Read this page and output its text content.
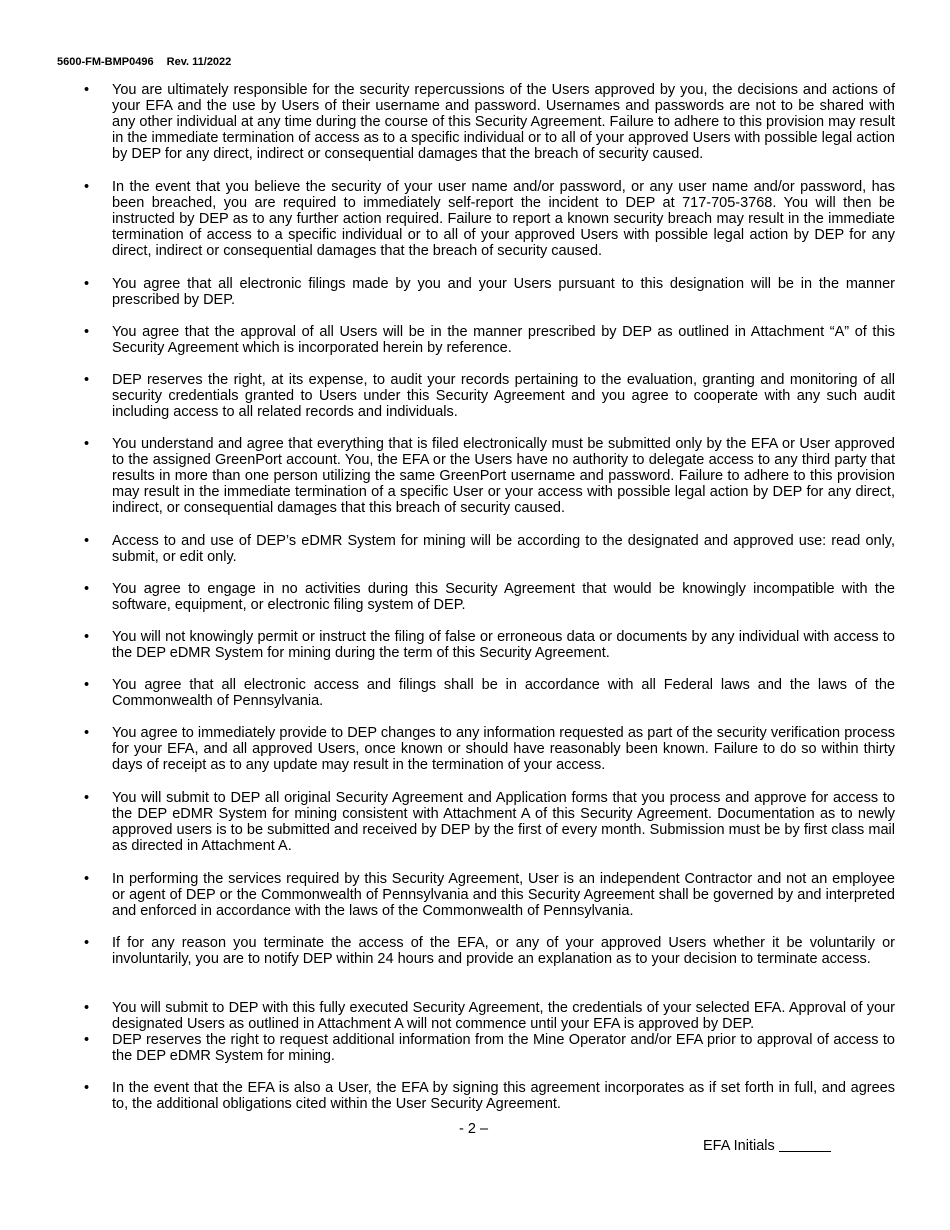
5600-FM-BMP0496 Rev. 11/2022
•	You are ultimately responsible for the security repercussions of the Users approved by you, the decisions and actions of your EFA and the use by Users of their username and password. Usernames and passwords are not to be shared with any other individual at any time during the course of this Security Agreement. Failure to adhere to this provision may result in the immediate termination of access as to a specific individual or to all of your approved Users with possible legal action by DEP for any direct, indirect or consequential damages that the breach of security caused.
•	In the event that you believe the security of your user name and/or password, or any user name and/or password, has been breached, you are required to immediately self-report the incident to DEP at 717-705-3768. You will then be instructed by DEP as to any further action required. Failure to report a known security breach may result in the immediate termination of access to a specific individual or to all of your approved Users with possible legal action by DEP for any direct, indirect or consequential damages that the breach of security caused.
•	You agree that all electronic filings made by you and your Users pursuant to this designation will be in the manner prescribed by DEP.
•	You agree that the approval of all Users will be in the manner prescribed by DEP as outlined in Attachment “A” of this Security Agreement which is incorporated herein by reference.
•	DEP reserves the right, at its expense, to audit your records pertaining to the evaluation, granting and monitoring of all security credentials granted to Users under this Security Agreement and you agree to cooperate with any such audit including access to all related records and individuals.
•	You understand and agree that everything that is filed electronically must be submitted only by the EFA or User approved to the assigned GreenPort account. You, the EFA or the Users have no authority to delegate access to any third party that results in more than one person utilizing the same GreenPort username and password. Failure to adhere to this provision may result in the immediate termination of a specific User or your access with possible legal action by DEP for any direct, indirect, or consequential damages that this breach of security caused.
•	Access to and use of DEP’s eDMR System for mining will be according to the designated and approved use: read only, submit, or edit only.
•	You agree to engage in no activities during this Security Agreement that would be knowingly incompatible with the software, equipment, or electronic filing system of DEP.
•	You will not knowingly permit or instruct the filing of false or erroneous data or documents by any individual with access to the DEP eDMR System for mining during the term of this Security Agreement.
•	You agree that all electronic access and filings shall be in accordance with all Federal laws and the laws of the Commonwealth of Pennsylvania.
•	You agree to immediately provide to DEP changes to any information requested as part of the security verification process for your EFA, and all approved Users, once known or should have reasonably been known. Failure to do so within thirty days of receipt as to any update may result in the termination of your access.
•	You will submit to DEP all original Security Agreement and Application forms that you process and approve for access to the DEP eDMR System for mining consistent with Attachment A of this Security Agreement. Documentation as to newly approved users is to be submitted and received by DEP by the first of every month. Submission must be by first class mail as directed in Attachment A.
•	In performing the services required by this Security Agreement, User is an independent Contractor and not an employee or agent of DEP or the Commonwealth of Pennsylvania and this Security Agreement shall be governed by and interpreted and enforced in accordance with the laws of the Commonwealth of Pennsylvania.
•	If for any reason you terminate the access of the EFA, or any of your approved Users whether it be voluntarily or involuntarily, you are to notify DEP within 24 hours and provide an explanation as to your decision to terminate access.
•	You will submit to DEP with this fully executed Security Agreement, the credentials of your selected EFA. Approval of your designated Users as outlined in Attachment A will not commence until your EFA is approved by DEP.
•	DEP reserves the right to request additional information from the Mine Operator and/or EFA prior to approval of access to the DEP eDMR System for mining.
•	In the event that the EFA is also a User, the EFA by signing this agreement incorporates as if set forth in full, and agrees to, the additional obligations cited within the User Security Agreement.
- 2 –
EFA Initials
